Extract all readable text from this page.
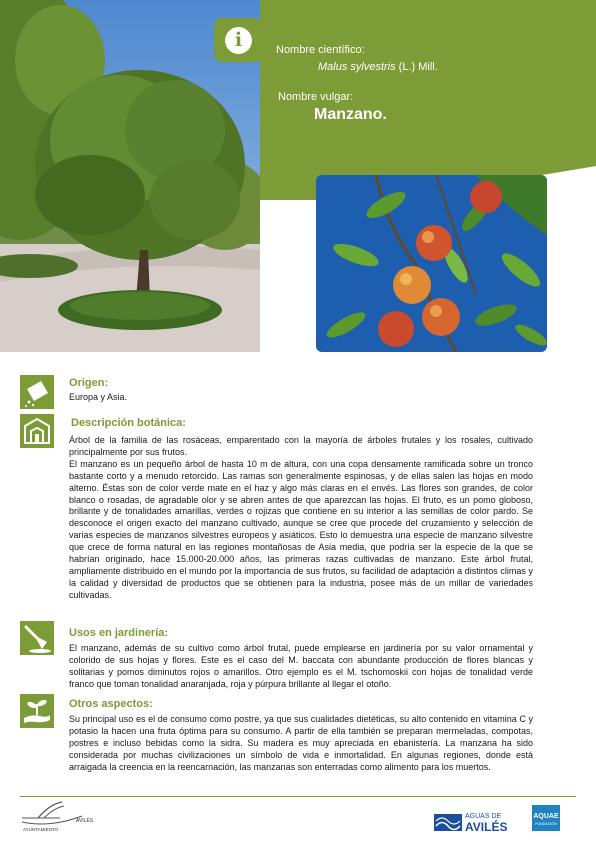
i	Nombre científico:
Malus sylvestris (L.) Mill.
Nombre vulgar:
Manzano.
Origen:
Descripción botánica:
Usos en jardinería:
Otros aspectos:

Europa y Asia.

Árbol de la familia de las rosáceas, emparentado con la mayoría de árboles frutales y los rosales, cultivado principalmente por sus frutos.

El manzano es un pequeño árbol de hasta 10 m de altura, con una copa densamente ramificada sobre un tronco bastante corto y a menudo retorcido. Las ramas son generalmente espinosas, y de ellas salen las hojas en modo alterno. Éstas son de color verde mate en el haz y algo más claras en el envés. Las flores son grandes, de color blanco o rosadas, de agradable olor y se abren antes de que aparezcan las hojas. El fruto, es un pomo globoso, brillante y de tonalidades amarillas, verdes o rojizas que contiene en su interior a las semillas de color pardo. Se desconoce el origen exacto del manzano cultivado, aunque se cree que procede del cruzamiento y selección de varias especies de manzanos silvestres europeos y asiáticos. Esto lo demuestra una especie de manzano silvestre que crece de forma natural en las regiones montañosas de Asia media, que podría ser la especie de la que se habrían originado, hace 15.000-20.000 años, las primeras razas cultivadas de manzano. Este árbol frutal, ampliamente distribuido en el mundo por la importancia de sus frutos, su facilidad de adaptación a distintos climas y la calidad y diversidad de productos que se obtienen para la industria, posee más de un millar de variedades cultivadas.

El manzano, además de su cultivo como árbol frutal, puede emplearse en jardinería por su valor ornamental y colorido de sus hojas y flores. Este es el caso del M. baccata con abundante producción de flores blancas y solitarias y pomos diminutos rojos o amarillos. Otro ejemplo es el M. tschomoskii con hojas de tonalidad verde franco que toman tonalidad anaranjada, roja y púrpura brillante al llegar el otoño.

Su principal uso es el de consumo como postre, ya que sus cualidades dietéticas, su alto contenido en vitamina C y potasio la hacen una fruta óptima para su consumo. A partir de ella también se preparan mermeladas, compotas, postres e incluso bebidas como la sidra. Su madera es muy apreciada en ebanistería. La manzana ha sido considerada por muchas civilizaciones un símbolo de vida e inmortalidad. En algunas regiones, donde está arraigada la creencia en la reencarnación, las manzanas son enterradas como alimento para los muertos.

AYUNTAMIENTO
AVILÉS
AGUAS DE
AVILÉS
AQUAE
FUNDACIÓN
